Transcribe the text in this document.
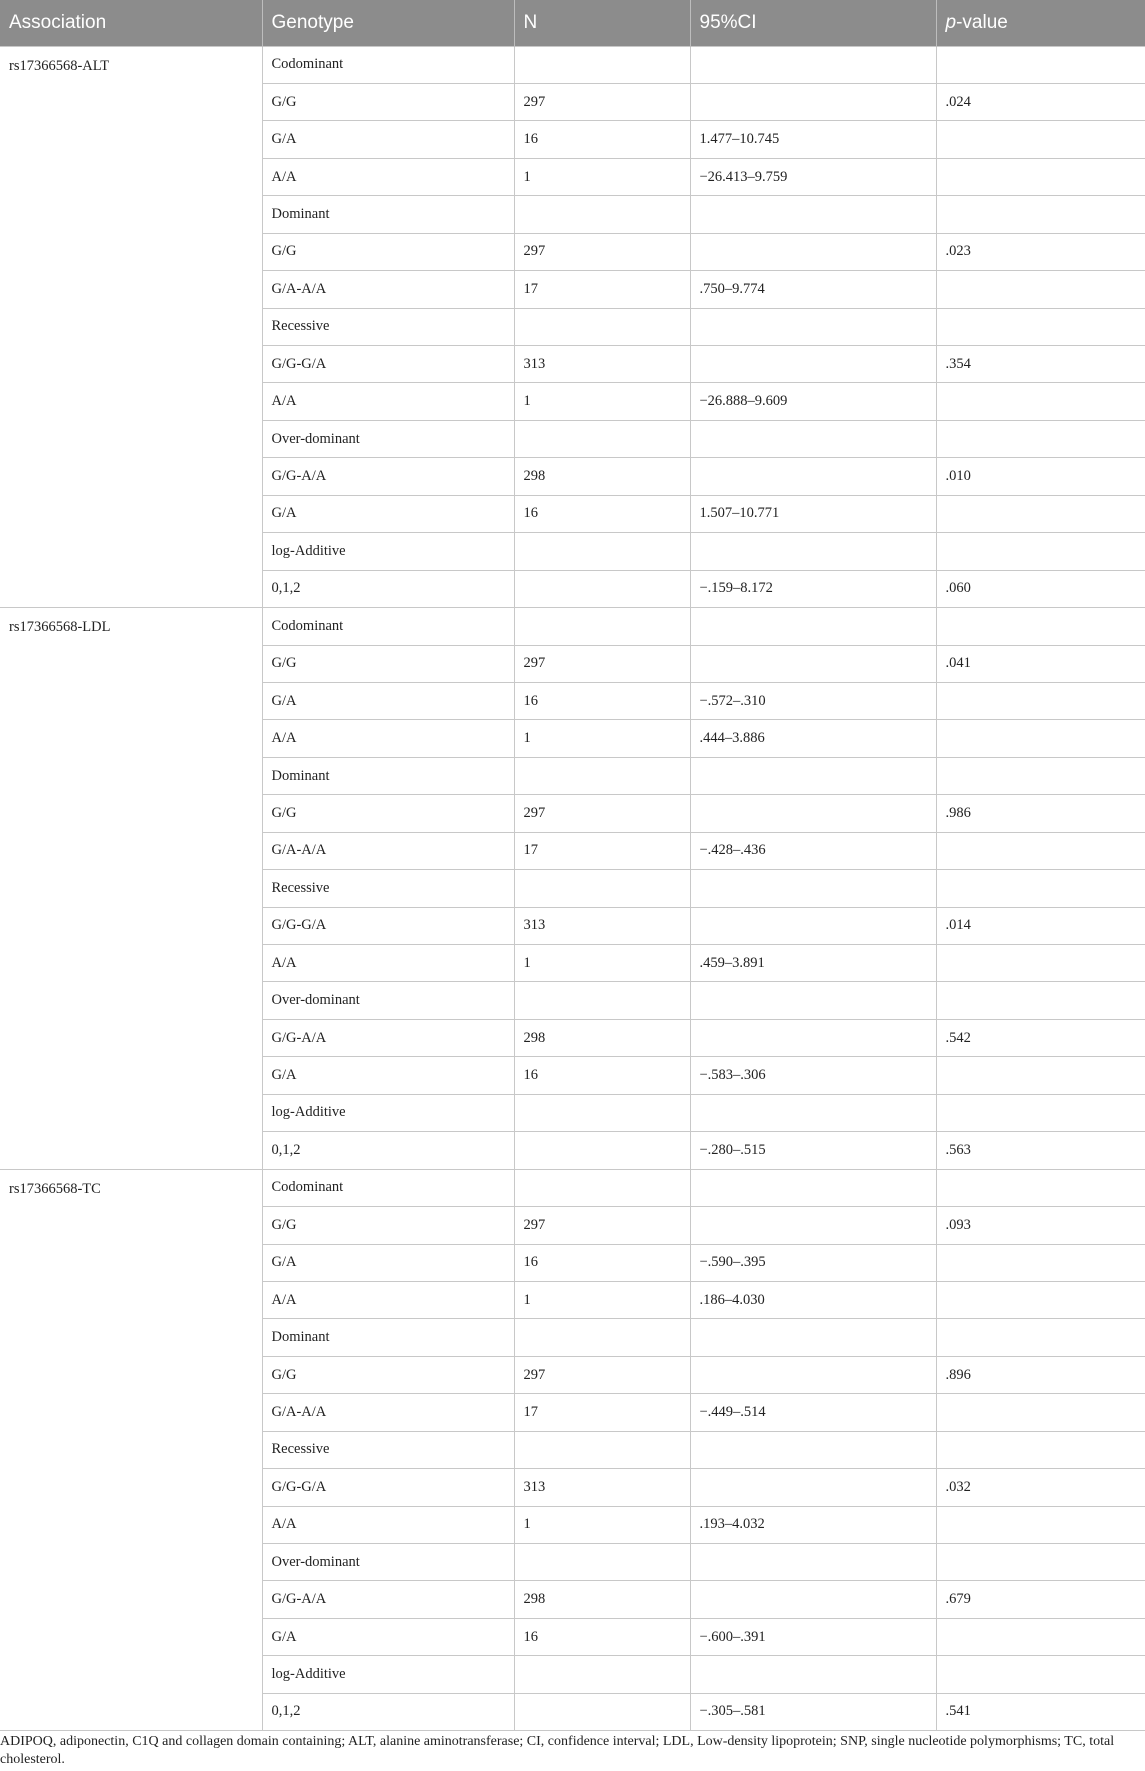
Association	Genotype	N	95%CI	p-value
rs17366568-ALT	Codominant			
	G/G	297		.024
	G/A	16	1.477–10.745	
	A/A	1	−26.413–9.759	
	Dominant			
	G/G	297		.023
	G/A-A/A	17	.750–9.774	
	Recessive			
	G/G-G/A	313		.354
	A/A	1	−26.888–9.609	
	Over-dominant			
	G/G-A/A	298		.010
	G/A	16	1.507–10.771	
	log-Additive			
	0,1,2		−.159–8.172	.060
rs17366568-LDL	Codominant			
	G/G	297		.041
	G/A	16	−.572–.310	
	A/A	1	.444–3.886	
	Dominant			
	G/G	297		.986
	G/A-A/A	17	−.428–.436	
	Recessive			
	G/G-G/A	313		.014
	A/A	1	.459–3.891	
	Over-dominant			
	G/G-A/A	298		.542
	G/A	16	−.583–.306	
	log-Additive			
	0,1,2		−.280–.515	.563
rs17366568-TC	Codominant			
	G/G	297		.093
	G/A	16	−.590–.395	
	A/A	1	.186–4.030	
	Dominant			
	G/G	297		.896
	G/A-A/A	17	−.449–.514	
	Recessive			
	G/G-G/A	313		.032
	A/A	1	.193–4.032	
	Over-dominant			
	G/G-A/A	298		.679
	G/A	16	−.600–.391	
	log-Additive			
	0,1,2		−.305–.581	.541
ADIPOQ, adiponectin, C1Q and collagen domain containing; ALT, alanine aminotransferase; CI, confidence interval; LDL, Low-density lipoprotein; SNP, single nucleotide polymorphisms; TC, total cholesterol.
